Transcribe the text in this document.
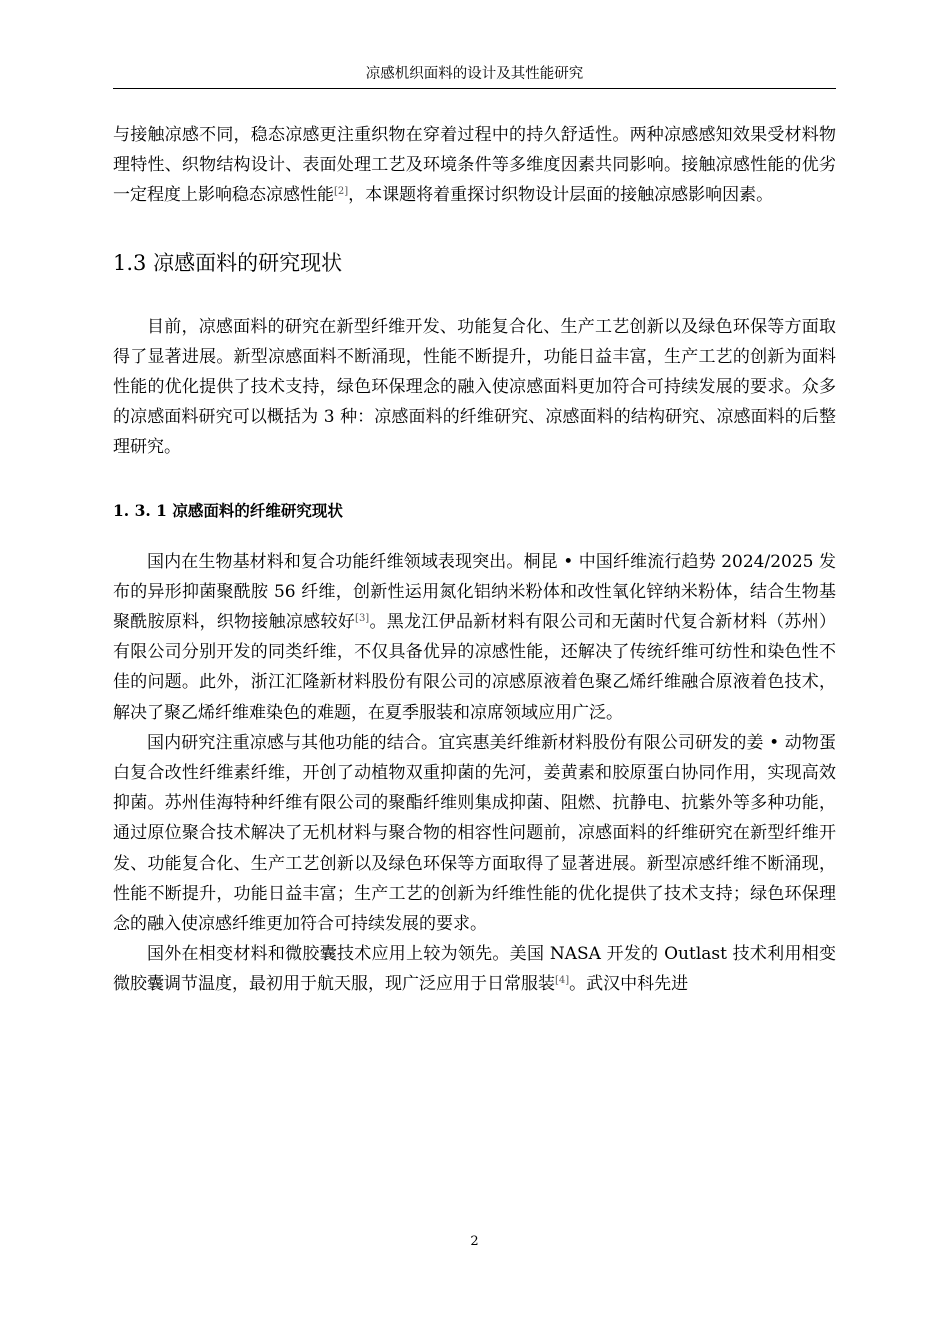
凉感机织面料的设计及其性能研究

与接触凉感不同，稳态凉感更注重织物在穿着过程中的持久舒适性。两种凉感感知效果受材料物理特性、织物结构设计、表面处理工艺及环境条件等多维度因素共同影响。接触凉感性能的优劣一定程度上影响稳态凉感性能[2]，本课题将着重探讨织物设计层面的接触凉感影响因素。

1.3 凉感面料的研究现状

目前，凉感面料的研究在新型纤维开发、功能复合化、生产工艺创新以及绿色环保等方面取得了显著进展。新型凉感面料不断涌现，性能不断提升，功能日益丰富，生产工艺的创新为面料性能的优化提供了技术支持，绿色环保理念的融入使凉感面料更加符合可持续发展的要求。众多的凉感面料研究可以概括为 3 种：凉感面料的纤维研究、凉感面料的结构研究、凉感面料的后整理研究。

1. 3. 1 凉感面料的纤维研究现状

国内在生物基材料和复合功能纤维领域表现突出。桐昆 • 中国纤维流行趋势 2024/2025 发布的异形抑菌聚酰胺 56 纤维，创新性运用氮化铝纳米粉体和改性氧化锌纳米粉体，结合生物基聚酰胺原料，织物接触凉感较好[3]。黑龙江伊品新材料有限公司和无菌时代复合新材料（苏州）有限公司分别开发的同类纤维，不仅具备优异的凉感性能，还解决了传统纤维可纺性和染色性不佳的问题。此外，浙江汇隆新材料股份有限公司的凉感原液着色聚乙烯纤维融合原液着色技术，解决了聚乙烯纤维难染色的难题，在夏季服装和凉席领域应用广泛。

国内研究注重凉感与其他功能的结合。宜宾惠美纤维新材料股份有限公司研发的姜 • 动物蛋白复合改性纤维素纤维，开创了动植物双重抑菌的先河，姜黄素和胶原蛋白协同作用，实现高效抑菌。苏州佳海特种纤维有限公司的聚酯纤维则集成抑菌、阻燃、抗静电、抗紫外等多种功能，通过原位聚合技术解决了无机材料与聚合物的相容性问题前，凉感面料的纤维研究在新型纤维开发、功能复合化、生产工艺创新以及绿色环保等方面取得了显著进展。新型凉感纤维不断涌现，性能不断提升，功能日益丰富；生产工艺的创新为纤维性能的优化提供了技术支持；绿色环保理念的融入使凉感纤维更加符合可持续发展的要求。

国外在相变材料和微胶囊技术应用上较为领先。美国 NASA 开发的 Outlast 技术利用相变微胶囊调节温度，最初用于航天服，现广泛应用于日常服装[4]。武汉中科先进

2
